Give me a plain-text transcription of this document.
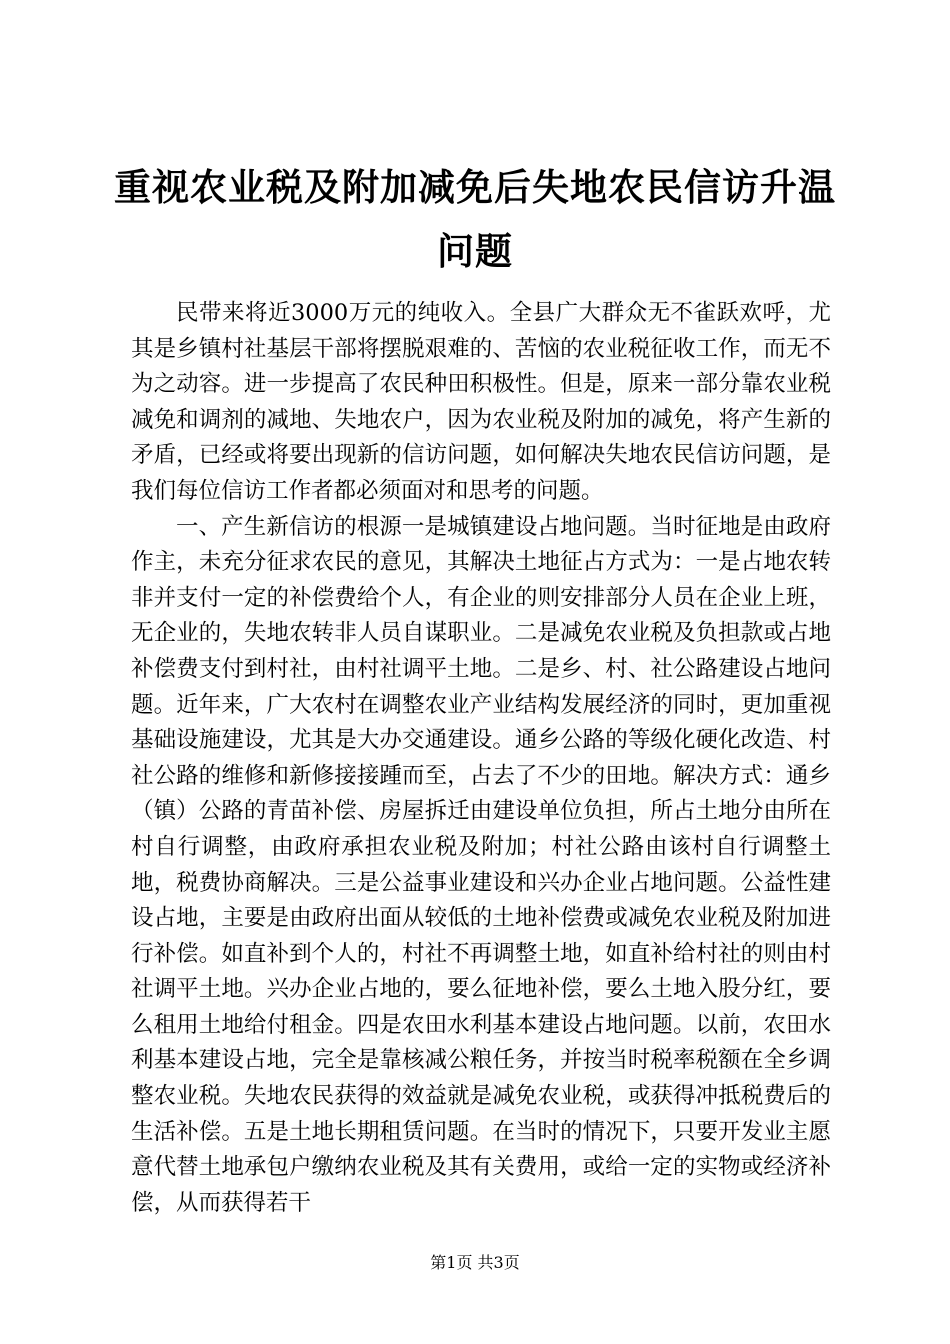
重视农业税及附加减免后失地农民信访升温问题

民带来将近3000万元的纯收入。全县广大群众无不雀跃欢呼，尤其是乡镇村社基层干部将摆脱艰难的、苦恼的农业税征收工作，而无不为之动容。进一步提高了农民种田积极性。但是，原来一部分靠农业税减免和调剂的减地、失地农户，因为农业税及附加的减免，将产生新的矛盾，已经或将要出现新的信访问题，如何解决失地农民信访问题，是我们每位信访工作者都必须面对和思考的问题。

一、产生新信访的根源一是城镇建设占地问题。当时征地是由政府作主，未充分征求农民的意见，其解决土地征占方式为：一是占地农转非并支付一定的补偿费给个人，有企业的则安排部分人员在企业上班，无企业的，失地农转非人员自谋职业。二是减免农业税及负担款或占地补偿费支付到村社，由村社调平土地。二是乡、村、社公路建设占地问题。近年来，广大农村在调整农业产业结构发展经济的同时，更加重视基础设施建设，尤其是大办交通建设。通乡公路的等级化硬化改造、村社公路的维修和新修接接踵而至，占去了不少的田地。解决方式：通乡（镇）公路的青苗补偿、房屋拆迁由建设单位负担，所占土地分由所在村自行调整，由政府承担农业税及附加；村社公路由该村自行调整土地，税费协商解决。三是公益事业建设和兴办企业占地问题。公益性建设占地，主要是由政府出面从较低的土地补偿费或减免农业税及附加进行补偿。如直补到个人的，村社不再调整土地，如直补给村社的则由村社调平土地。兴办企业占地的，要么征地补偿，要么土地入股分红，要么租用土地给付租金。四是农田水利基本建设占地问题。以前，农田水利基本建设占地，完全是靠核减公粮任务，并按当时税率税额在全乡调整农业税。失地农民获得的效益就是减免农业税，或获得冲抵税费后的生活补偿。五是土地长期租赁问题。在当时的情况下，只要开发业主愿意代替土地承包户缴纳农业税及其有关费用，或给一定的实物或经济补偿，从而获得若干

第1页 共3页
